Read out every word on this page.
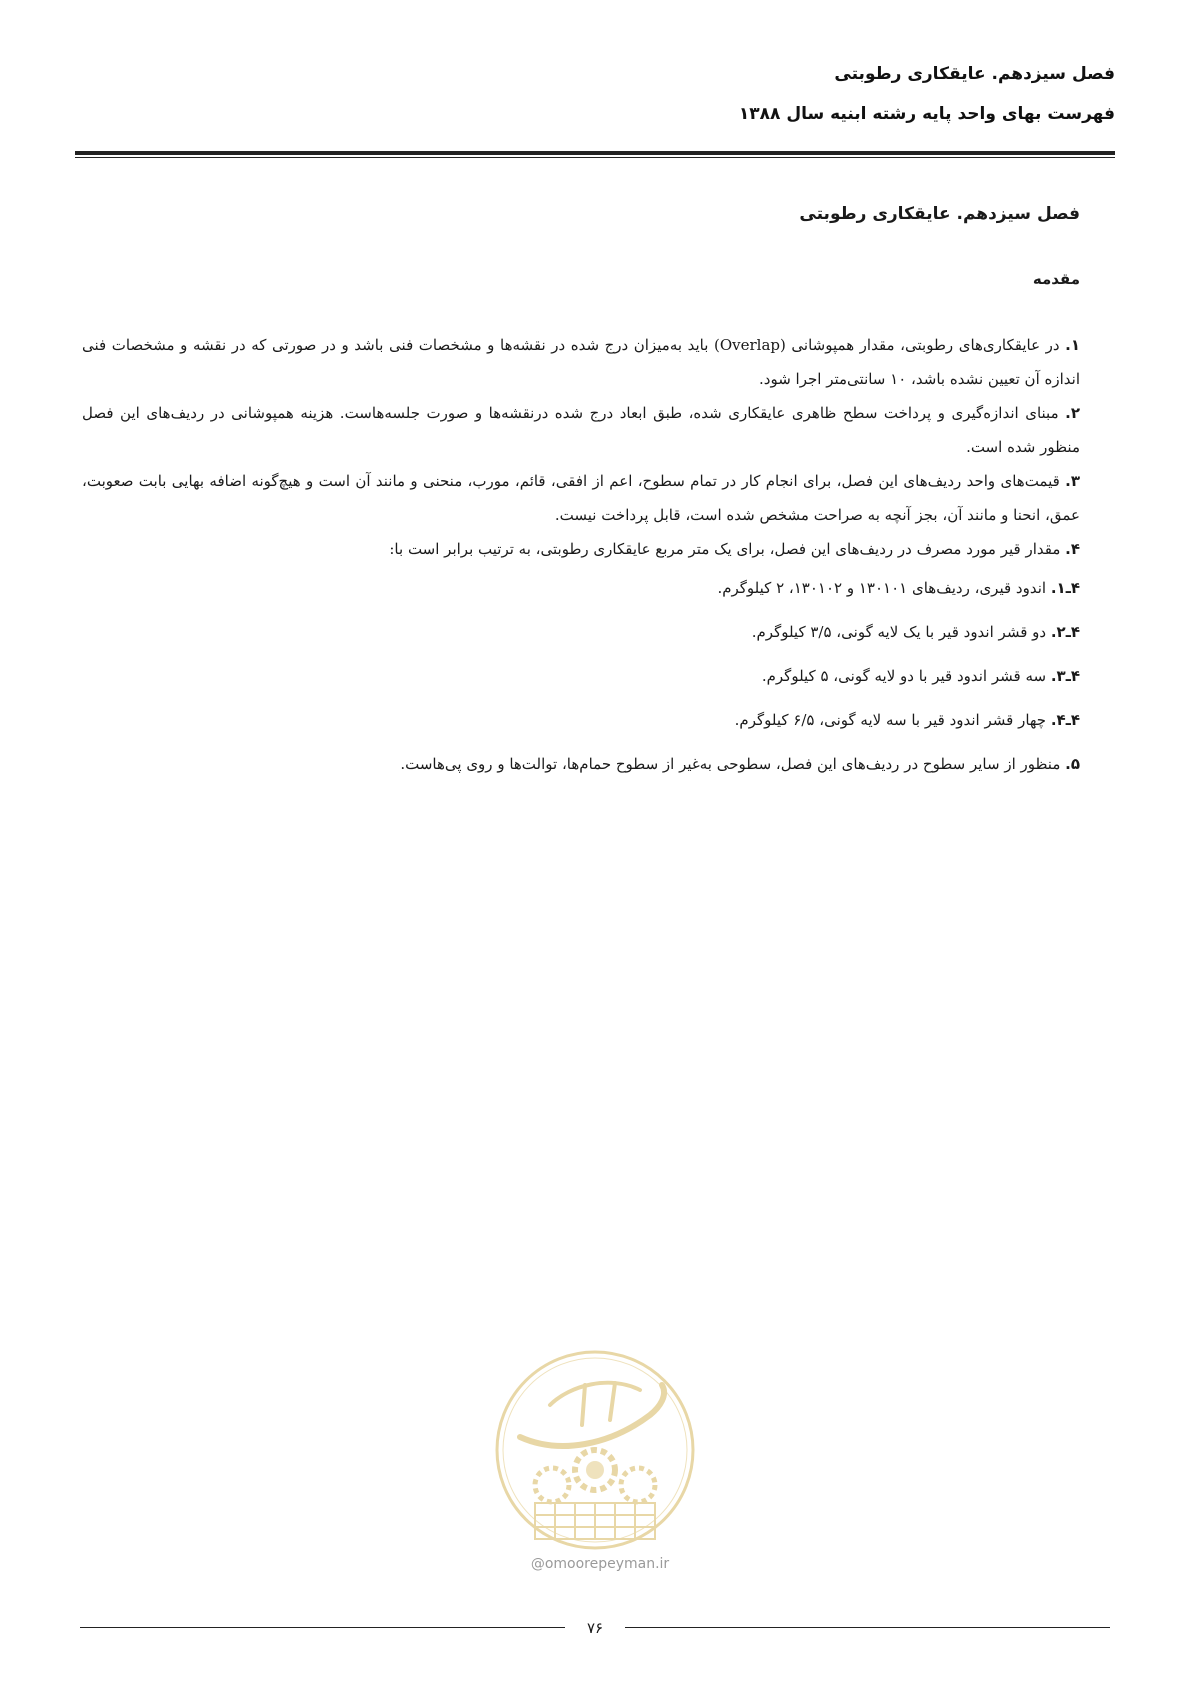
فصل سیزدهم. عایقکاری رطوبتی
فهرست بهای واحد پایه رشته ابنیه سال ۱۳۸۸
فصل سیزدهم. عایقکاری رطوبتی
مقدمه

۱. در عایقکاری‌های رطوبتی، مقدار همپوشانی (Overlap) باید به‌میزان درج شده در نقشه‌ها و مشخصات فنی باشد و در صورتی که در نقشه و مشخصات فنی اندازه آن تعیین نشده باشد، ۱۰ سانتی‌متر اجرا شود.

۲. مبنای اندازه‌گیری و پرداخت سطح ظاهری عایقکاری شده، طبق ابعاد درج شده درنقشه‌ها و صورت جلسه‌هاست. هزینه همپوشانی در ردیف‌های این فصل منظور شده است.

۳. قیمت‌های واحد ردیف‌های این فصل، برای انجام کار در تمام سطوح، اعم از افقی، قائم، مورب، منحنی و مانند آن است و هیچ‌گونه اضافه بهایی بابت صعوبت، عمق، انحنا و مانند آن، بجز آنچه به صراحت مشخص شده است، قابل پرداخت نیست.

۴. مقدار قیر مورد مصرف در ردیف‌های این فصل، برای یک متر مربع عایقکاری رطوبتی، به ترتیب برابر است با:

۴ـ۱. اندود قیری، ردیف‌های ۱۳۰۱۰۱ و ۱۳۰۱۰۲، ۲ کیلوگرم.

۴ـ۲. دو قشر اندود قیر با یک لایه گونی، ۳/۵ کیلوگرم.

۴ـ۳. سه قشر اندود قیر با دو لایه گونی، ۵ کیلوگرم.

۴ـ۴. چهار قشر اندود قیر با سه لایه گونی، ۶/۵ کیلوگرم.

۵. منظور از سایر سطوح در ردیف‌های این فصل، سطوحی به‌غیر از سطوح حمام‌ها، توالت‌ها و روی پی‌هاست.

@omoorepeyman.ir
۷۶
